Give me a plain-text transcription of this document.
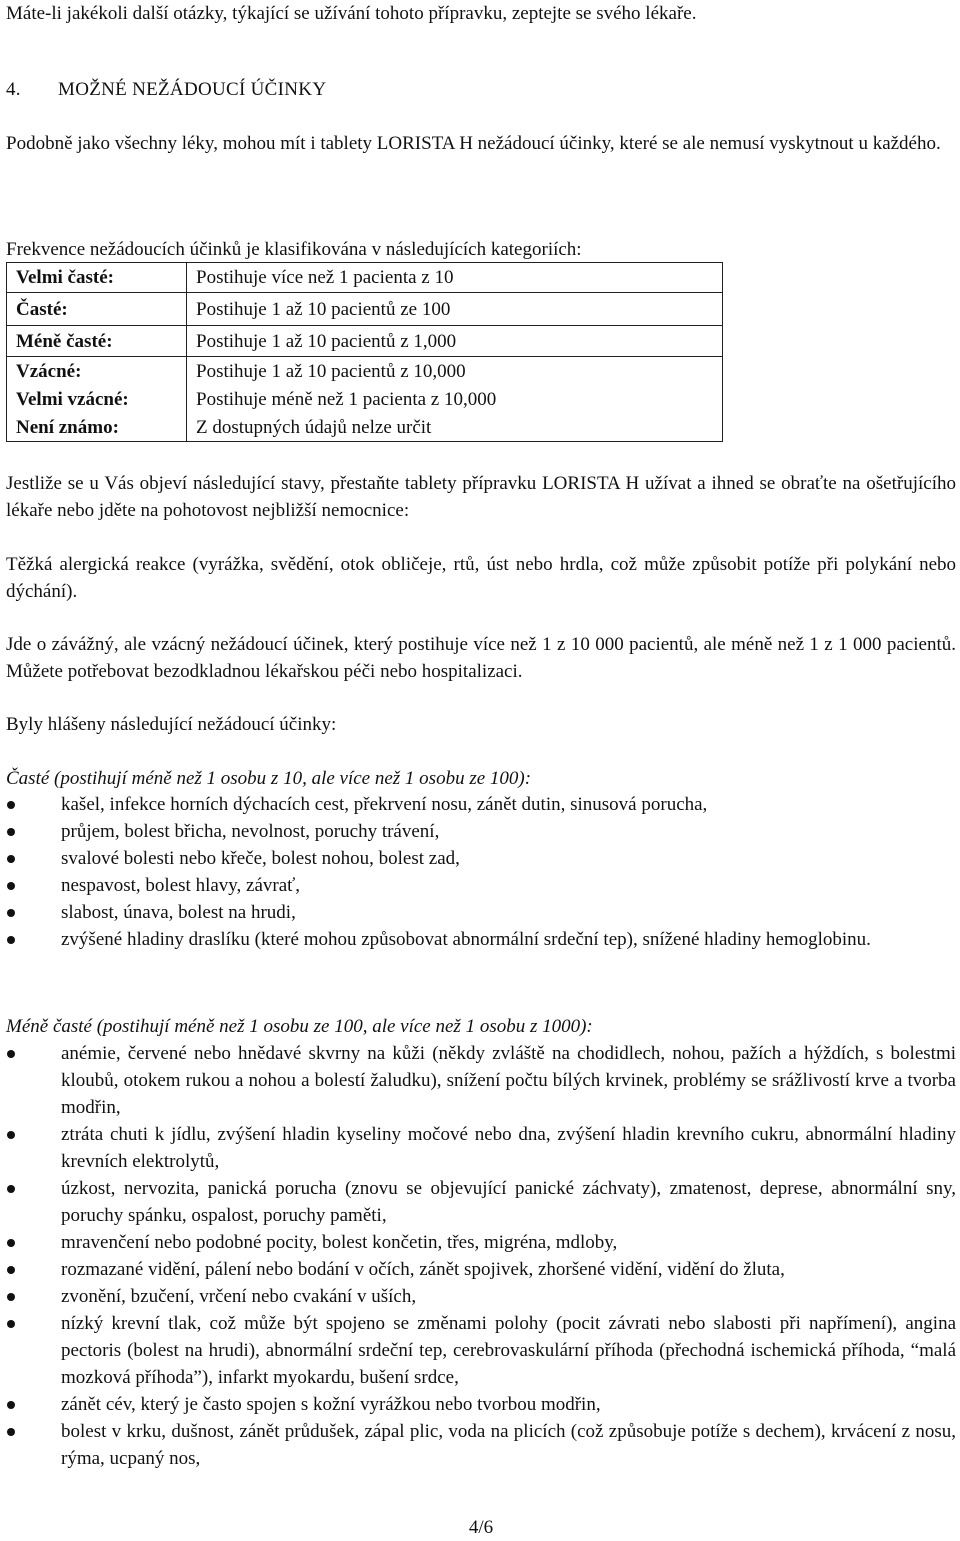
Máte-li jakékoli další otázky, týkající se užívání tohoto přípravku, zeptejte se svého lékaře.

4. MOŽNÉ NEŽÁDOUCÍ ÚČINKY

Podobně jako všechny léky, mohou mít i tablety LORISTA H nežádoucí účinky, které se ale nemusí vyskytnout u každého.

Frekvence nežádoucích účinků je klasifikována v následujících kategoriích:

Velmi časté:	Postihuje více než 1 pacienta z 10
Časté:	Postihuje 1 až 10 pacientů ze 100
Méně časté:	Postihuje 1 až 10 pacientů z 1,000
Vzácné:	Postihuje 1 až 10 pacientů z 10,000
Velmi vzácné:	Postihuje méně než 1 pacienta z 10,000
Není známo:	Z dostupných údajů nelze určit

Jestliže se u Vás objeví následující stavy, přestaňte tablety přípravku LORISTA H užívat a ihned se obraťte na ošetřujícího lékaře nebo jděte na pohotovost nejbližší nemocnice:

Těžká alergická reakce (vyrážka, svědění, otok obličeje, rtů, úst nebo hrdla, což může způsobit potíže při polykání nebo dýchání).

Jde o závážný, ale vzácný nežádoucí účinek, který postihuje více než 1 z 10 000 pacientů, ale méně než 1 z 1 000 pacientů. Můžete potřebovat bezodkladnou lékařskou péči nebo hospitalizaci.

Byly hlášeny následující nežádoucí účinky:

Časté (postihují méně než 1 osobu z 10, ale více než 1 osobu ze 100):

kašel, infekce horních dýchacích cest, překrvení nosu, zánět dutin, sinusová porucha,
průjem, bolest břicha, nevolnost, poruchy trávení,
svalové bolesti nebo křeče, bolest nohou, bolest zad,
nespavost, bolest hlavy, závrať,
slabost, únava, bolest na hrudi,
zvýšené hladiny draslíku (které mohou způsobovat abnormální srdeční tep), snížené hladiny hemoglobinu.

Méně časté (postihují méně než 1 osobu ze 100, ale více než 1 osobu z 1000):

anémie, červené nebo hnědavé skvrny na kůži (někdy zvláště na chodidlech, nohou, pažích a hýždích, s bolestmi kloubů, otokem rukou a nohou a bolestí žaludku), snížení počtu bílých krvinek, problémy se srážlivostí krve a tvorba modřin,
ztráta chuti k jídlu, zvýšení hladin kyseliny močové nebo dna, zvýšení hladin krevního cukru, abnormální hladiny krevních elektrolytů,
úzkost, nervozita, panická porucha (znovu se objevující panické záchvaty), zmatenost, deprese, abnormální sny, poruchy spánku, ospalost, poruchy paměti,
mravenčení nebo podobné pocity, bolest končetin, třes, migréna, mdloby,
rozmazané vidění, pálení nebo bodání v očích, zánět spojivek, zhoršené vidění, vidění do žluta,
zvonění, bzučení, vrčení nebo cvakání v uších,
nízký krevní tlak, což může být spojeno se změnami polohy (pocit závrati nebo slabosti při napřímení), angina pectoris (bolest na hrudi), abnormální srdeční tep, cerebrovaskulární příhoda (přechodná ischemická příhoda, “malá mozková příhoda”), infarkt myokardu, bušení srdce,
zánět cév, který je často spojen s kožní vyrážkou nebo tvorbou modřin,
bolest v krku, dušnost, zánět průdušek, zápal plic, voda na plicích (což způsobuje potíže s dechem), krvácení z nosu, rýma, ucpaný nos,
4/6
